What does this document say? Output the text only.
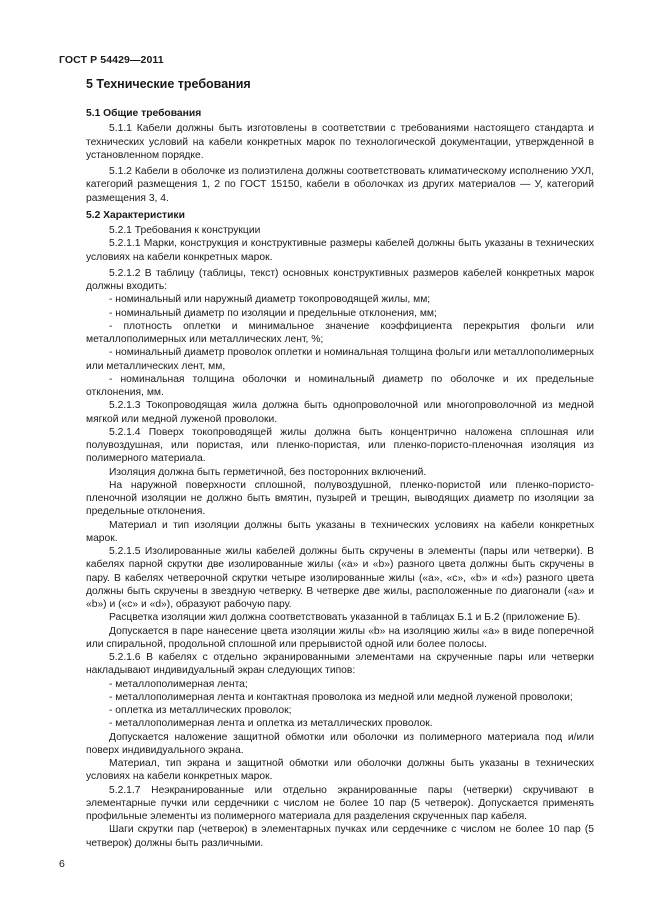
ГОСТ Р 54429—2011
5 Технические требования
5.1 Общие требования

5.1.1 Кабели должны быть изготовлены в соответствии с требованиями настоящего стандарта и технических условий на кабели конкретных марок по технологической документации, утвержденной в установленном порядке.

5.1.2 Кабели в оболочке из полиэтилена должны соответствовать климатическому исполнению УХЛ, категорий размещения 1, 2 по ГОСТ 15150, кабели в оболочках из других материалов — У, категорий размещения 3, 4.

5.2 Характеристики

5.2.1 Требования к конструкции

5.2.1.1 Марки, конструкция и конструктивные размеры кабелей должны быть указаны в технических условиях на кабели конкретных марок.

5.2.1.2 В таблицу (таблицы, текст) основных конструктивных размеров кабелей конкретных марок должны входить:

- номинальный или наружный диаметр токопроводящей жилы, мм;

- номинальный диаметр по изоляции и предельные отклонения, мм;

- плотность оплетки и минимальное значение коэффициента перекрытия фольги или металлополимерных или металлических лент, %;

- номинальный диаметр проволок оплетки и номинальная толщина фольги или металлополимерных или металлических лент, мм,

- номинальная толщина оболочки и номинальный диаметр по оболочке и их предельные отклонения, мм.

5.2.1.3 Токопроводящая жила должна быть однопроволочной или многопроволочной из медной мягкой или медной луженой проволоки.

5.2.1.4 Поверх токопроводящей жилы должна быть концентрично наложена сплошная или полувоздушная, или пористая, или пленко-пористая, или пленко-пористо-пленочная изоляция из полимерного материала.

Изоляция должна быть герметичной, без посторонних включений.

На наружной поверхности сплошной, полувоздушной, пленко-пористой или пленко-пористо-пленочной изоляции не должно быть вмятин, пузырей и трещин, выводящих диаметр по изоляции за предельные отклонения.

Материал и тип изоляции должны быть указаны в технических условиях на кабели конкретных марок.

5.2.1.5 Изолированные жилы кабелей должны быть скручены в элементы (пары или четверки). В кабелях парной скрутки две изолированные жилы («a» и «b») разного цвета должны быть скручены в пару. В кабелях четверочной скрутки четыре изолированные жилы («a», «c», «b» и «d») разного цвета должны быть скручены в звездную четверку. В четверке две жилы, расположенные по диагонали («a» и «b») и («c» и «d»), образуют рабочую пару.

Расцветка изоляции жил должна соответствовать указанной в таблицах Б.1 и Б.2 (приложение Б).

Допускается в паре нанесение цвета изоляции жилы «b» на изоляцию жилы «a» в виде поперечной или спиральной, продольной сплошной или прерывистой одной или более полосы.

5.2.1.6 В кабелях с отдельно экранированными элементами на скрученные пары или четверки накладывают индивидуальный экран следующих типов:

- металлополимерная лента;

- металлополимерная лента и контактная проволока из медной или медной луженой проволоки;

- оплетка из металлических проволок;

- металлополимерная лента и оплетка из металлических проволок.

Допускается наложение защитной обмотки или оболочки из полимерного материала под и/или поверх индивидуального экрана.

Материал, тип экрана и защитной обмотки или оболочки должны быть указаны в технических условиях на кабели конкретных марок.

5.2.1.7 Неэкранированные или отдельно экранированные пары (четверки) скручивают в элементарные пучки или сердечники с числом не более 10 пар (5 четверок). Допускается применять профильные элементы из полимерного материала для разделения скрученных пар кабеля.

Шаги скрутки пар (четверок) в элементарных пучках или сердечнике с числом не более 10 пар (5 четверок) должны быть различными.

6
